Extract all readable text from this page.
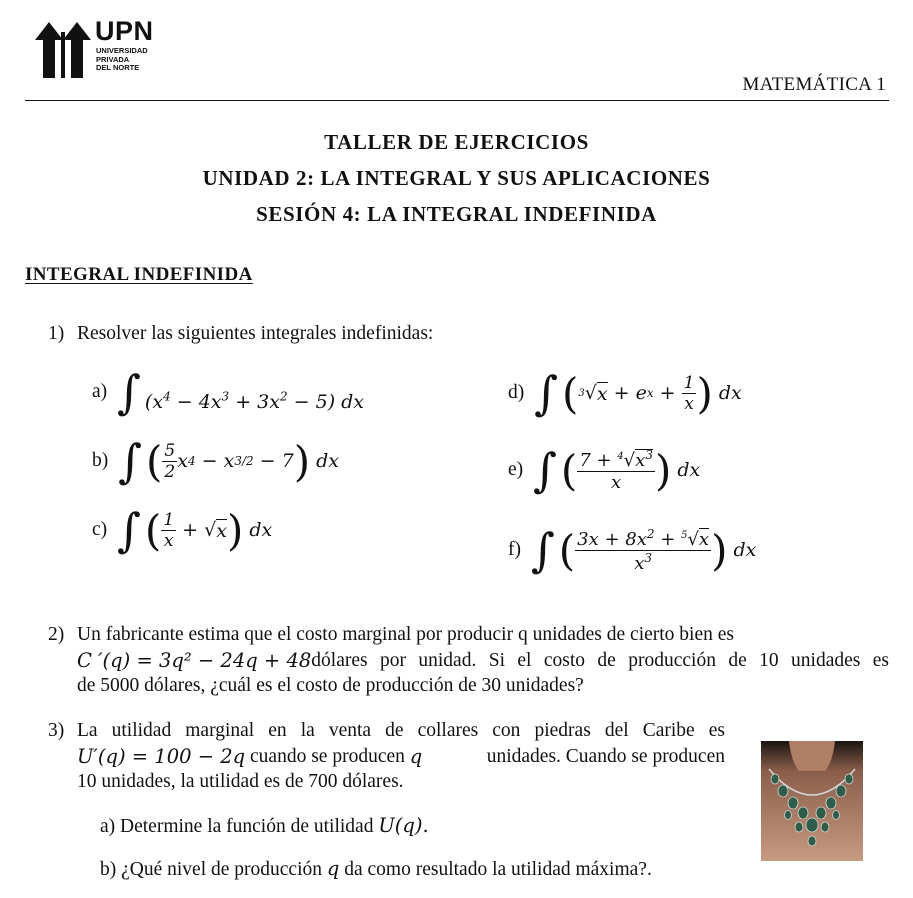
UPN
UNIVERSIDAD
PRIVADA
DEL NORTE
MATEMÁTICA 1
TALLER DE EJERCICIOS
UNIDAD 2: LA INTEGRAL Y SUS APLICACIONES
SESIÓN 4: LA INTEGRAL INDEFINIDA
INTEGRAL INDEFINIDA
1) Resolver las siguientes integrales indefinidas:
a) ∫ $(x^4 - 4x^3 + 3x^2 - 5)$ dx
b) ∫
  ( $\frac{5}{2}$ x 4 − x 3/2 − 7 ) dx
c) ∫
  ( $\frac{1}{x}$ + √ x ) dx
d) ∫
  ( 3 √ x + e $x + \frac{1}{x}$ ) dx
e) ∫
  ( $\frac{7 + ^4√x^3}{x}$ ) dx
f) ∫
  ( $\frac{3x + 8x^2 + ^5√x}{x^3}$ ) dx
2) Un fabricante estima que el costo marginal por producir q unidades de cierto bien es
C ′(q) = 3q² − 24q + 48 dólares por unidad. Si el costo de producción de 10 unidades es
de 5000 dólares, ¿cuál es el costo de producción de 30 unidades?
3) La utilidad marginal en la venta de collares con piedras del Caribe es
U′(q) = 100 − 2q cuando se producen q	unidades. Cuando se producen
10 unidades, la utilidad es de 700 dólares.
a) Determine la función de utilidad U(q).
b) ¿Qué nivel de producción q da como resultado la utilidad máxima?.
